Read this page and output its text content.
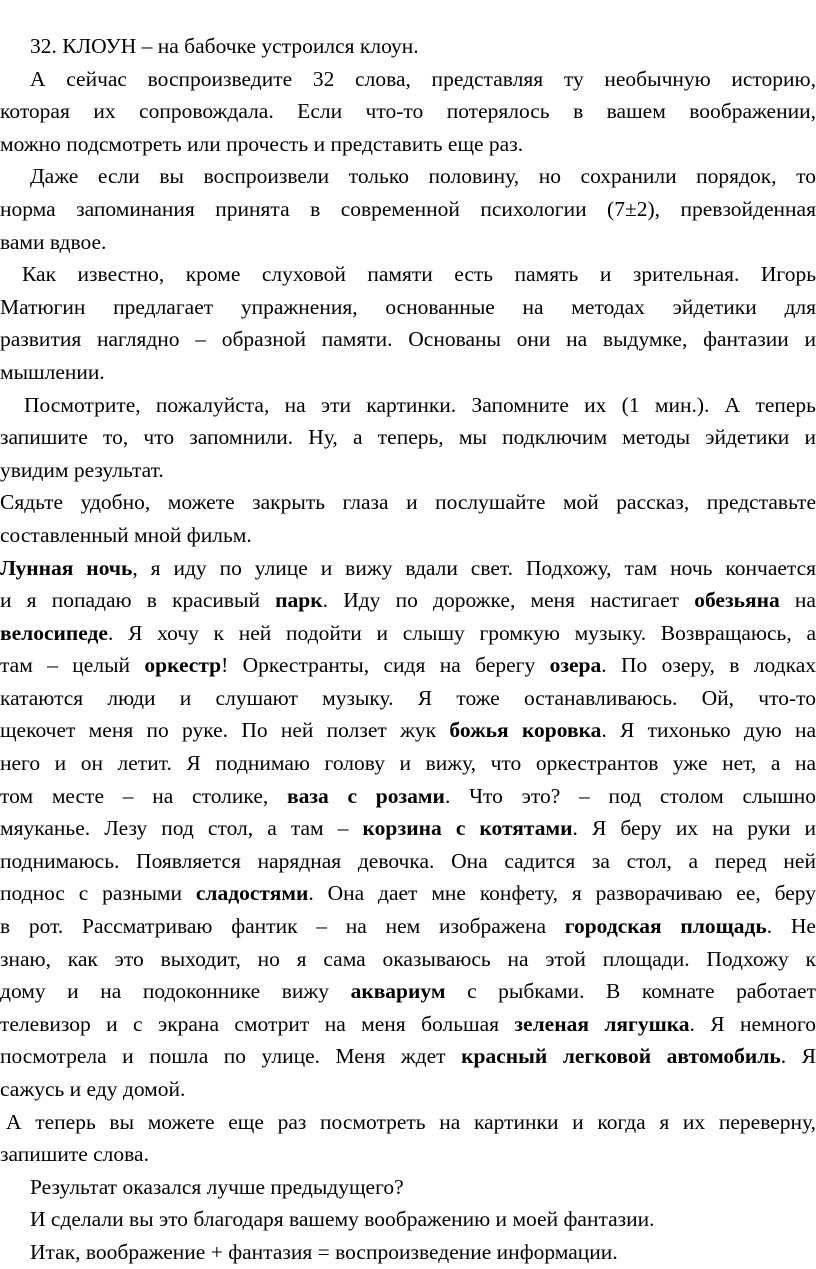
32. КЛОУН – на бабочке устроился клоун.
А сейчас воспроизведите 32 слова, представляя ту необычную историю,
которая их сопровождала. Если что-то потерялось в вашем воображении,
можно подсмотреть или прочесть и представить еще раз.
Даже если вы воспроизвели только половину, но сохранили порядок, то
норма запоминания принята в современной психологии (7±2), превзойденная
вами вдвое.
Как известно, кроме слуховой памяти есть память и зрительная. Игорь
Матюгин предлагает упражнения, основанные на методах эйдетики для
развития наглядно – образной памяти. Основаны они на выдумке, фантазии и
мышлении.
Посмотрите, пожалуйста, на эти картинки. Запомните их (1 мин.). А теперь
запишите то, что запомнили. Ну, а теперь, мы подключим методы эйдетики и
увидим результат.
Сядьте удобно, можете закрыть глаза и послушайте мой рассказ, представьте
составленный мной фильм.
Лунная ночь, я иду по улице и вижу вдали свет. Подхожу, там ночь кончается
и я попадаю в красивый парк. Иду по дорожке, меня настигает обезьяна на
велосипеде. Я хочу к ней подойти и слышу громкую музыку. Возвращаюсь, а
там – целый оркестр! Оркестранты, сидя на берегу озера. По озеру, в лодках
катаются люди и слушают музыку. Я тоже останавливаюсь. Ой, что-то
щекочет меня по руке. По ней ползет жук божья коровка. Я тихонько дую на
него и он летит. Я поднимаю голову и вижу, что оркестрантов уже нет, а на
том месте – на столике, ваза с розами. Что это? – под столом слышно
мяуканье. Лезу под стол, а там – корзина с котятами. Я беру их на руки и
поднимаюсь. Появляется нарядная девочка. Она садится за стол, а перед ней
поднос с разными сладостями. Она дает мне конфету, я разворачиваю ее, беру
в рот. Рассматриваю фантик – на нем изображена городская площадь. Не
знаю, как это выходит, но я сама оказываюсь на этой площади. Подхожу к
дому и на подоконнике вижу аквариум с рыбками. В комнате работает
телевизор и с экрана смотрит на меня большая зеленая лягушка. Я немного
посмотрела и пошла по улице. Меня ждет красный легковой автомобиль. Я
сажусь и еду домой.
А теперь вы можете еще раз посмотреть на картинки и когда я их переверну,
запишите слова.
Результат оказался лучше предыдущего?
И сделали вы это благодаря вашему воображению и моей фантазии.
Итак, воображение + фантазия = воспроизведение информации.
